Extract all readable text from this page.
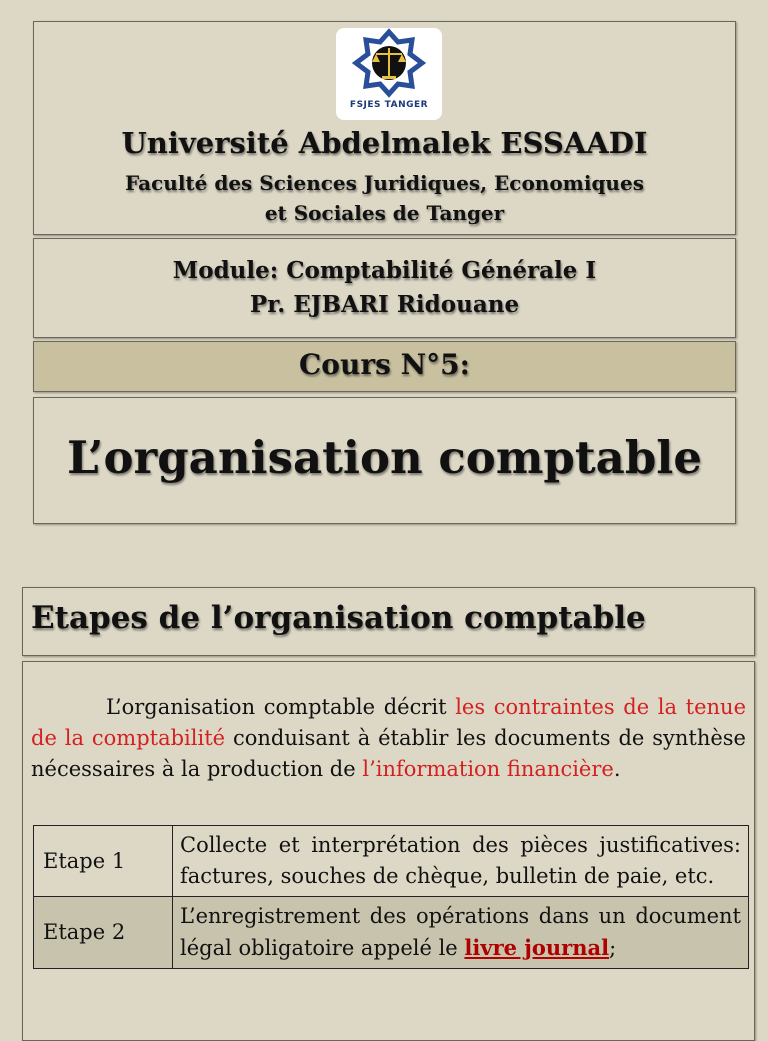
FSJES TANGER
Université Abdelmalek ESSAADI
Faculté des Sciences Juridiques, Economiques
et Sociales de Tanger
Module: Comptabilité Générale I
Pr. EJBARI Ridouane
Cours N°5:
L’organisation comptable
Etapes de l’organisation comptable
L’organisation comptable décrit les contraintes de la tenue de la comptabilité conduisant à établir les documents de synthèse nécessaires à la production de l’information financière.
Etape 1	Collecte et interprétation des pièces justificatives: factures, souches de chèque, bulletin de paie, etc.
Etape 2	L’enregistrement des opérations dans un document légal obligatoire appelé le livre journal;
